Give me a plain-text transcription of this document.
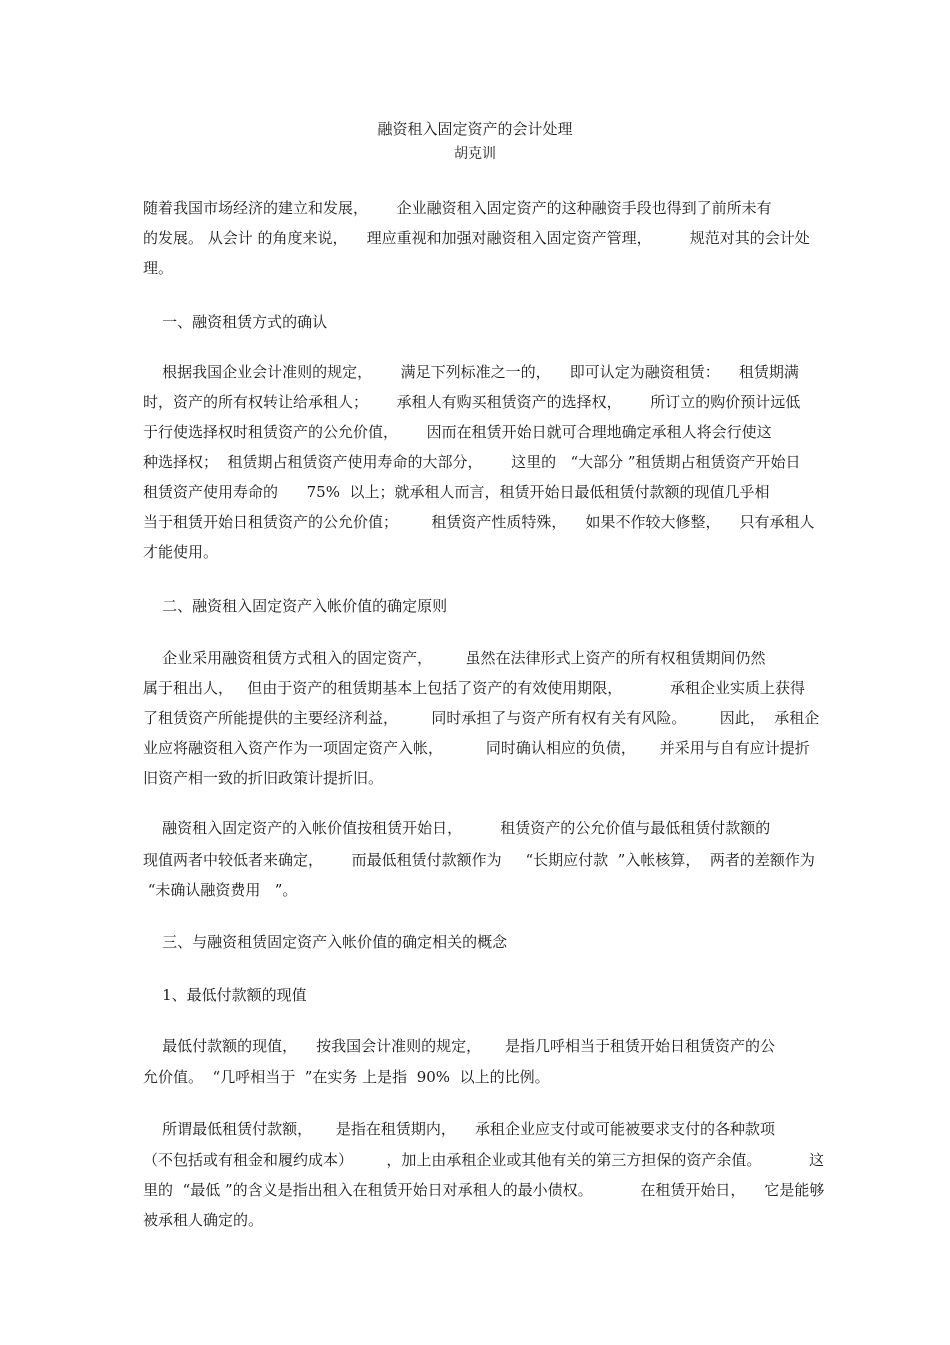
融资租入固定资产的会计处理
胡克训
随着我国市场经济的建立和发展，      企业融资租入固定资产的这种融资手段也得到了前所未有
的发展。 从会计 的角度来说，    理应重视和加强对融资租入固定资产管理，        规范对其的会计处
理。
一、融资租赁方式的确认
根据我国企业会计准则的规定，      满足下列标准之一的，    即可认定为融资租赁：    租赁期满
时，资产的所有权转让给承租人；      承租人有购买租赁资产的选择权，      所订立的购价预计远低
于行使选择权时租赁资产的公允价值，      因而在租赁开始日就可合理地确定承租人将会行使这
种选择权；  租赁期占租赁资产使用寿命的大部分，      这里的   “大部分 ”租赁期占租赁资产开始日
租赁资产使用寿命的      75%  以上；就承租人而言，租赁开始日最低租赁付款额的现值几乎相
当于租赁开始日租赁资产的公允价值；       租赁资产性质特殊，    如果不作较大修整，    只有承租人
才能使用。
二、融资租入固定资产入帐价值的确定原则
企业采用融资租赁方式租入的固定资产，       虽然在法律形式上资产的所有权租赁期间仍然
属于租出人，   但由于资产的租赁期基本上包括了资产的有效使用期限，          承租企业实质上获得
了租赁资产所能提供的主要经济利益，       同时承担了与资产所有权有关有风险。       因此，  承租企
业应将融资租入资产作为一项固定资产入帐，         同时确认相应的负债，     并采用与自有应计提折
旧资产相一致的折旧政策计提折旧。
融资租入固定资产的入帐价值按租赁开始日，        租赁资产的公允价值与最低租赁付款额的
现值两者中较低者来确定，      而最低租赁付款额作为     “长期应付款  ”入帐核算，  两者的差额作为
“未确认融资费用   ”。
三、与融资租赁固定资产入帐价值的确定相关的概念
1、最低付款额的现值
最低付款额的现值，    按我国会计准则的规定，     是指几呼相当于租赁开始日租赁资产的公
允价值。  “几呼相当于  ”在实务 上是指  90%  以上的比例。
所谓最低租赁付款额，     是指在租赁期内，    承租企业应支付或可能被要求支付的各种款项
（不包括或有租金和履约成本）       ，加上由承租企业或其他有关的第三方担保的资产余值。          这
里的  “最低 ”的含义是指出租入在租赁开始日对承租人的最小债权。          在租赁开始日，    它是能够
被承租人确定的。
